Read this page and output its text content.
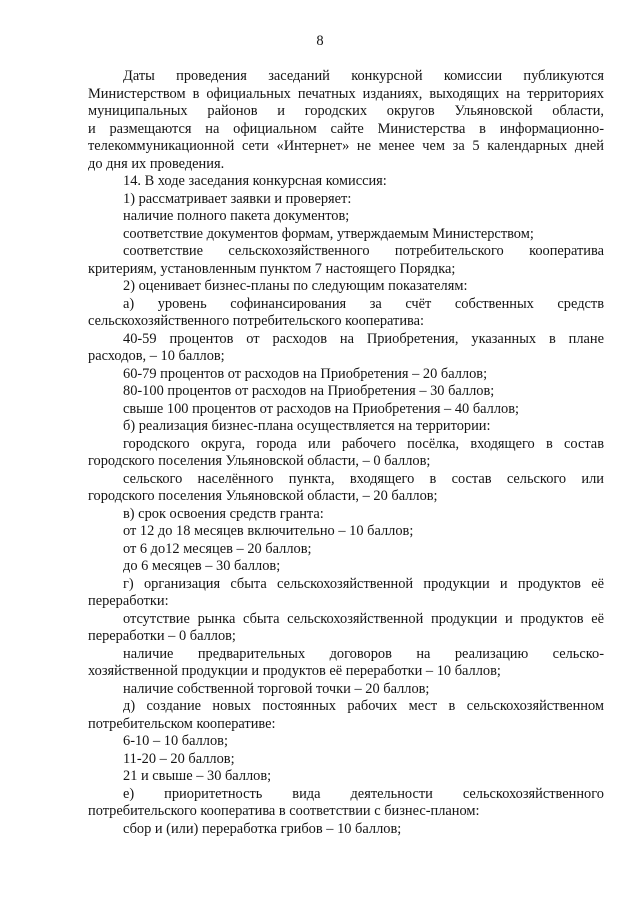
8

Даты проведения заседаний конкурсной комиссии публикуются
Министерством в официальных печатных изданиях, выходящих на территориях
муниципальных районов и городских округов Ульяновской области,
и размещаются на официальном сайте Министерства в информационно-
телекоммуникационной сети «Интернет» не менее чем за 5 календарных дней
до дня их проведения.

14. В ходе заседания конкурсная комиссия:

1) рассматривает заявки и проверяет:

наличие полного пакета документов;

соответствие документов формам, утверждаемым Министерством;

соответствие сельскохозяйственного потребительского кооператива
критериям, установленным пунктом 7 настоящего Порядка;

2) оценивает бизнес-планы по следующим показателям:

а) уровень софинансирования за счёт собственных средств
сельскохозяйственного потребительского кооператива:

40-59 процентов от расходов на Приобретения, указанных в плане
расходов, – 10 баллов;

60-79 процентов от расходов на Приобретения – 20 баллов;

80-100 процентов от расходов на Приобретения – 30 баллов;

свыше 100 процентов от расходов на Приобретения – 40 баллов;

б) реализация бизнес-плана осуществляется на территории:

городского округа, города или рабочего посёлка, входящего в состав
городского поселения Ульяновской области, – 0 баллов;

сельского населённого пункта, входящего в состав сельского или
городского поселения Ульяновской области, – 20 баллов;

в) срок освоения средств гранта:

от 12 до 18 месяцев включительно – 10 баллов;

от 6 до12 месяцев – 20 баллов;

до 6 месяцев – 30 баллов;

г) организация сбыта сельскохозяйственной продукции и продуктов её
переработки:

отсутствие рынка сбыта сельскохозяйственной продукции и продуктов её
переработки – 0 баллов;

наличие предварительных договоров на реализацию сельско-
хозяйственной продукции и продуктов её переработки – 10 баллов;

наличие собственной торговой точки – 20 баллов;

д) создание новых постоянных рабочих мест в сельскохозяйственном
потребительском кооперативе:

6-10 – 10 баллов;

11-20 – 20 баллов;

21 и свыше – 30 баллов;

е) приоритетность вида деятельности сельскохозяйственного
потребительского кооператива в соответствии с бизнес-планом:

сбор и (или) переработка грибов – 10 баллов;
